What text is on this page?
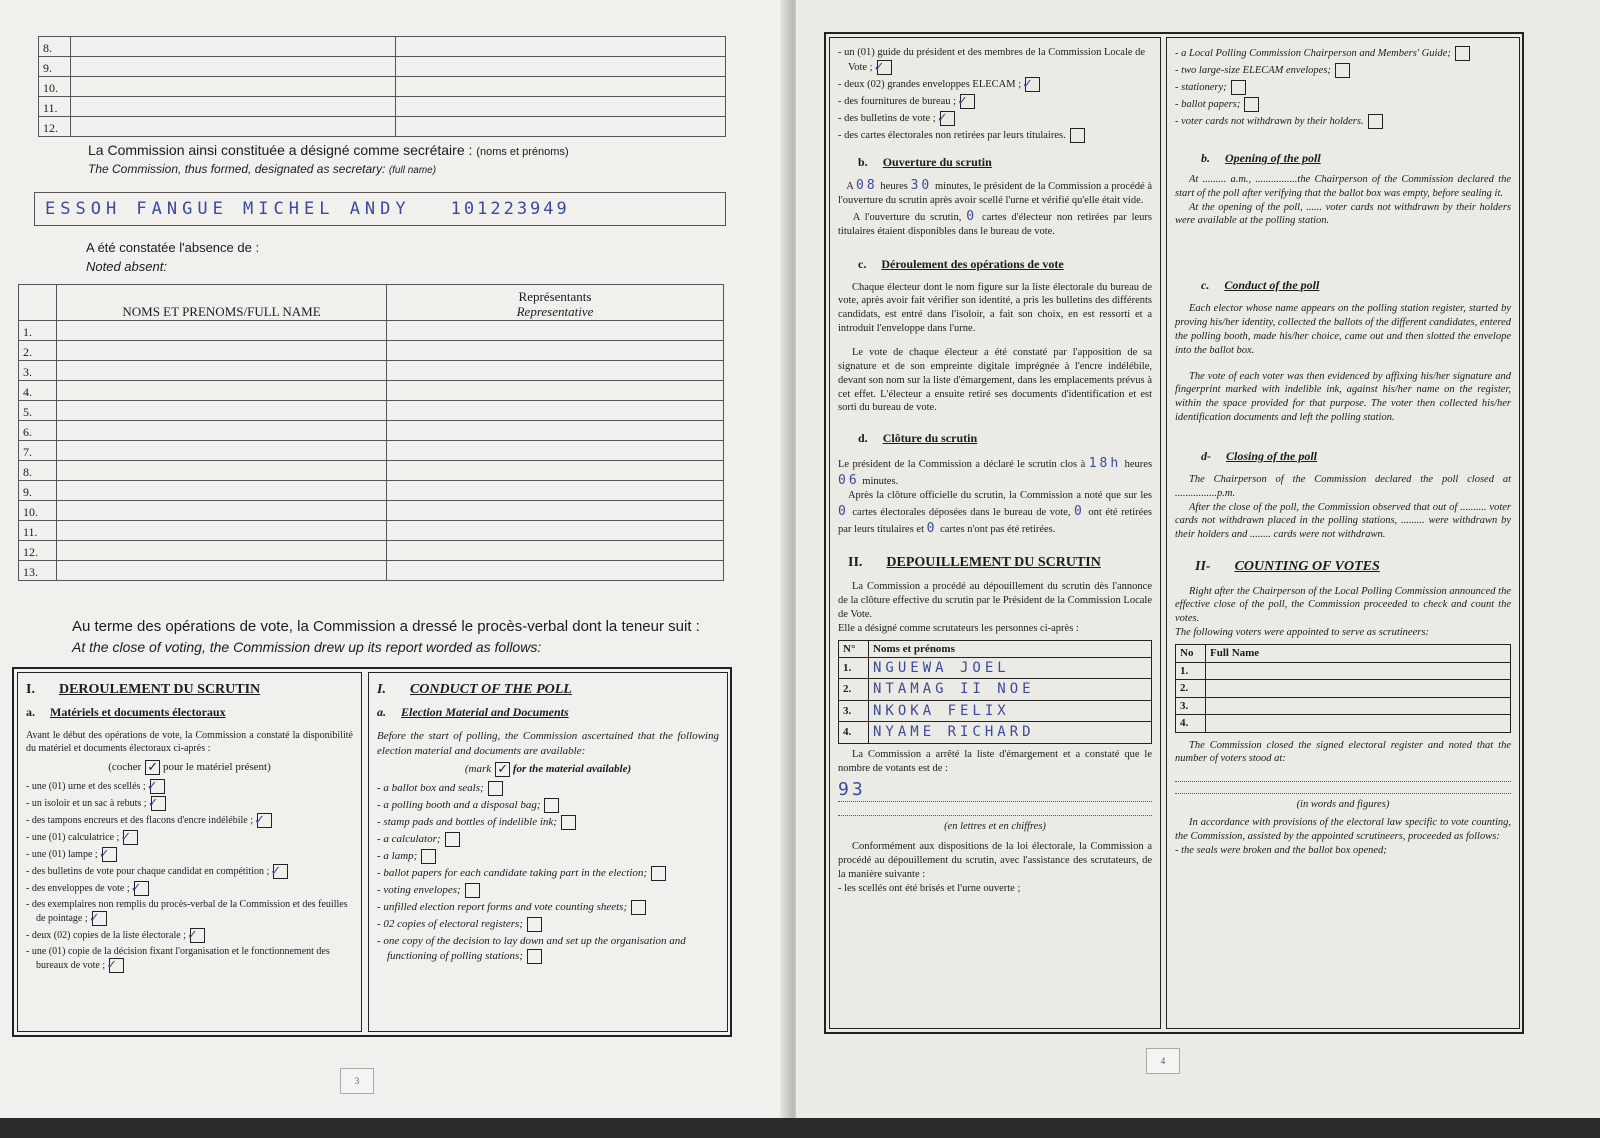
8.		
9.		
10.		
11.		
12.		
La Commission ainsi constituée a désigné comme secrétaire : (noms et prénoms)
The Commission, thus formed, designated as secretary: (full name)
ESSOH FANGUE MICHEL ANDY 101223949
A été constatée l'absence de :
Noted absent:
	NOMS ET PRENOMS/FULL NAME	Représentants
Representative

1.		
2.		
3.		
4.		
5.		
6.		
7.		
8.		
9.		
10.		
11.		
12.		
13.		
Au terme des opérations de vote, la Commission a dressé le procès-verbal dont la teneur suit :
At the close of voting, the Commission drew up its report worded as follows:
I. DEROULEMENT DU SCRUTIN
a. Matériels et documents électoraux
Avant le début des opérations de vote, la Commission a constaté la disponibilité du matériel et documents électoraux ci-après :
(cocher ✓ pour le matériel présent)
- une (01) urne et des scellés ;✓
- un isoloir et un sac à rebuts ;✓
- des tampons encreurs et des flacons d'encre indélébile ;✓
- une (01) calculatrice ;✓
- une (01) lampe ;✓
- des bulletins de vote pour chaque candidat en compétition ;✓
- des enveloppes de vote ;✓
- des exemplaires non remplis du procès-verbal de la Commission et des feuilles de pointage ;✓
- deux (02) copies de la liste électorale ;✓
- une (01) copie de la décision fixant l'organisation et le fonctionnement des bureaux de vote ;✓
I. CONDUCT OF THE POLL
a. Election Material and Documents
Before the start of polling, the Commission ascertained that the following election material and documents are available:
(mark ✓ for the material available)
- a ballot box and seals;
- a polling booth and a disposal bag;
- stamp pads and bottles of indelible ink;
- a calculator;
- a lamp;
- ballot papers for each candidate taking part in the election;
- voting envelopes;
- unfilled election report forms and vote counting sheets;
- 02 copies of electoral registers;
- one copy of the decision to lay down and set up the organisation and functioning of polling stations;
3
- un (01) guide du président et des membres de la Commission Locale de Vote ;✓
- deux (02) grandes enveloppes ELECAM ;✓
- des fournitures de bureau ;✓
- des bulletins de vote ;✓
- des cartes électorales non retirées par leurs titulaires.
b. Ouverture du scrutin

A 08 heures 30 minutes, le président de la Commission a procédé à l'ouverture du scrutin après avoir scellé l'urne et vérifié qu'elle était vide.

A l'ouverture du scrutin, 0 cartes d'électeur non retirées par leurs titulaires étaient disponibles dans le bureau de vote.

c. Déroulement des opérations de vote

Chaque électeur dont le nom figure sur la liste électorale du bureau de vote, après avoir fait vérifier son identité, a pris les bulletins des différents candidats, est entré dans l'isoloir, a fait son choix, en est ressorti et a introduit l'enveloppe dans l'urne.

Le vote de chaque électeur a été constaté par l'apposition de sa signature et de son empreinte digitale imprégnée à l'encre indélébile, devant son nom sur la liste d'émargement, dans les emplacements prévus à cet effet. L'électeur a ensuite retiré ses documents d'identification et est sorti du bureau de vote.

d. Clôture du scrutin

Le président de la Commission a déclaré le scrutin clos à 18h heures 06 minutes.

Après la clôture officielle du scrutin, la Commission a noté que sur les 0 cartes électorales déposées dans le bureau de vote, 0 ont été retirées par leurs titulaires et 0 cartes n'ont pas été retirées.

II. DEPOUILLEMENT DU SCRUTIN

La Commission a procédé au dépouillement du scrutin dès l'annonce de la clôture effective du scrutin par le Président de la Commission Locale de Vote.

Elle a désigné comme scrutateurs les personnes ci-après :

N°	Noms et prénoms
1.	NGUEWA JOEL
2.	NTAMAG II NOE
3.	NKOKA FELIX
4.	NYAME RICHARD

La Commission a arrêté la liste d'émargement et a constaté que le nombre de votants est de :

93
(en lettres et en chiffres)

Conformément aux dispositions de la loi électorale, la Commission a procédé au dépouillement du scrutin, avec l'assistance des scrutateurs, de la manière suivante :

- les scellés ont été brisés et l'urne ouverte ;

- a Local Polling Commission Chairperson and Members' Guide;
- two large-size ELECAM envelopes;
- stationery;
- ballot papers;
- voter cards not withdrawn by their holders.
b. Opening of the poll

At ......... a.m., ................the Chairperson of the Commission declared the start of the poll after verifying that the ballot box was empty, before sealing it.

At the opening of the poll, ...... voter cards not withdrawn by their holders were available at the polling station.

c. Conduct of the poll

Each elector whose name appears on the polling station register, started by proving his/her identity, collected the ballots of the different candidates, entered the polling booth, made his/her choice, came out and then slotted the envelope into the ballot box.

The vote of each voter was then evidenced by affixing his/her signature and fingerprint marked with indelible ink, against his/her name on the register, within the space provided for that purpose. The voter then collected his/her identification documents and left the polling station.

d- Closing of the poll

The Chairperson of the Commission declared the poll closed at ................p.m.

After the close of the poll, the Commission observed that out of .......... voter cards not withdrawn placed in the polling stations, ......... were withdrawn by their holders and ........ cards were not withdrawn.

II- COUNTING OF VOTES

Right after the Chairperson of the Local Polling Commission announced the effective close of the poll, the Commission proceeded to check and count the votes.

The following voters were appointed to serve as scrutineers:

No	Full Name
1.	
2.	
3.	
4.	

The Commission closed the signed electoral register and noted that the number of voters stood at:

(in words and figures)

In accordance with provisions of the electoral law specific to vote counting, the Commission, assisted by the appointed scrutineers, proceeded as follows:

- the seals were broken and the ballot box opened;

4
